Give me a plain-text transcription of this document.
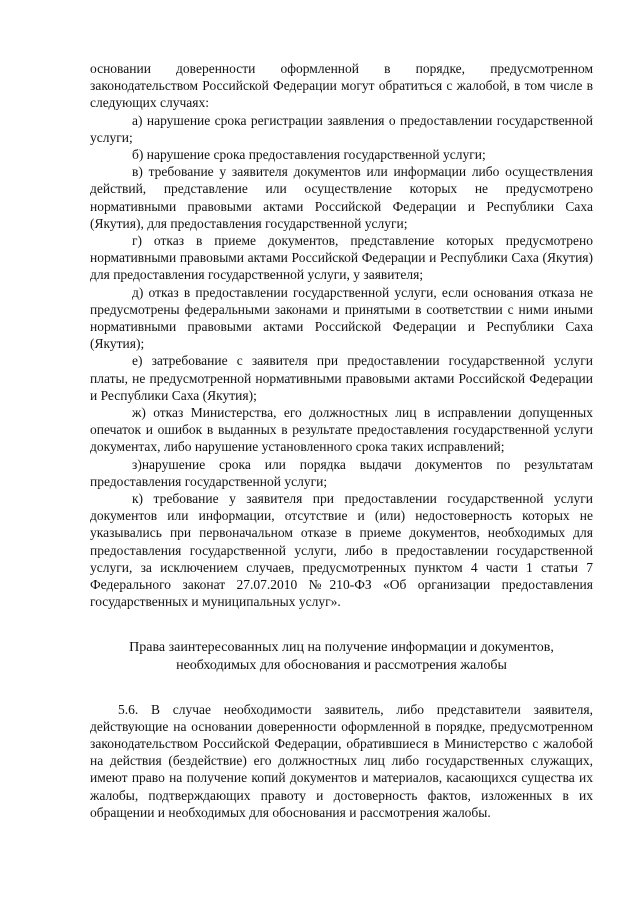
основании доверенности оформленной в порядке, предусмотренном законодательством Российской Федерации могут обратиться с жалобой, в том числе в следующих случаях:

а) нарушение срока регистрации заявления о предоставлении государственной услуги;

б) нарушение срока предоставления государственной услуги;

в) требование у заявителя документов или информации либо осуществления действий, представление или осуществление которых не предусмотрено нормативными правовыми актами Российской Федерации и Республики Саха (Якутия), для предоставления государственной услуги;

г) отказ в приеме документов, представление которых предусмотрено нормативными правовыми актами Российской Федерации и Республики Саха (Якутия) для предоставления государственной услуги, у заявителя;

д) отказ в предоставлении государственной услуги, если основания отказа не предусмотрены федеральными законами и принятыми в соответствии с ними иными нормативными правовыми актами Российской Федерации и Республики Саха (Якутия);

е) затребование с заявителя при предоставлении государственной услуги платы, не предусмотренной нормативными правовыми актами Российской Федерации и Республики Саха (Якутия);

ж) отказ Министерства, его должностных лиц в исправлении допущенных опечаток и ошибок в выданных в результате предоставления государственной услуги документах, либо нарушение установленного срока таких исправлений;

з)нарушение срока или порядка выдачи документов по результатам предоставления государственной услуги;

к) требование у заявителя при предоставлении государственной услуги документов или информации, отсутствие и (или) недостоверность которых не указывались при первоначальном отказе в приеме документов, необходимых для предоставления государственной услуги, либо в предоставлении государственной услуги, за исключением случаев, предусмотренных пунктом 4 части 1 статьи 7 Федерального законат 27.07.2010 №210-ФЗ «Об организации предоставления государственных и муниципальных услуг».

Права заинтересованных лиц на получение информации и документов, необходимых для обоснования и рассмотрения жалобы

5.6. В случае необходимости заявитель, либо представители заявителя, действующие на основании доверенности оформленной в порядке, предусмотренном законодательством Российской Федерации, обратившиеся в Министерство с жалобой на действия (бездействие) его должностных лиц либо государственных служащих, имеют право на получение копий документов и материалов, касающихся существа их жалобы, подтверждающих правоту и достоверность фактов, изложенных в их обращении и необходимых для обоснования и рассмотрения жалобы.
